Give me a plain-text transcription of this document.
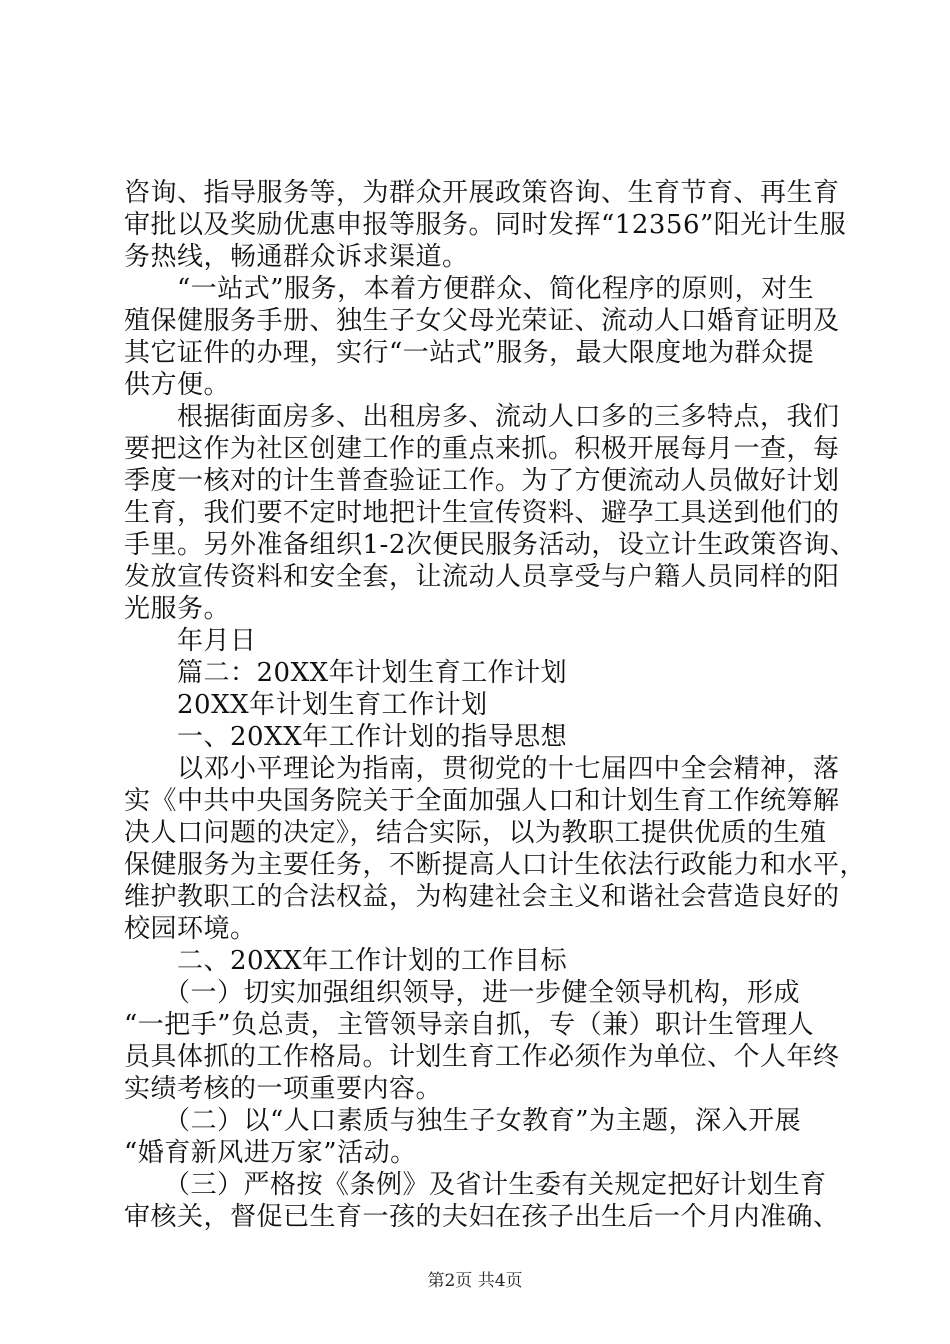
咨询、指导服务等，为群众开展政策咨询、生育节育、再生育
审批以及奖励优惠申报等服务。同时发挥“12356”阳光计生服
务热线，畅通群众诉求渠道。
　　“一站式”服务，本着方便群众、简化程序的原则，对生
殖保健服务手册、独生子女父母光荣证、流动人口婚育证明及
其它证件的办理，实行“一站式”服务，最大限度地为群众提
供方便。
　　根据街面房多、出租房多、流动人口多的三多特点，我们
要把这作为社区创建工作的重点来抓。积极开展每月一查，每
季度一核对的计生普查验证工作。为了方便流动人员做好计划
生育，我们要不定时地把计生宣传资料、避孕工具送到他们的
手里。另外准备组织1-2次便民服务活动，设立计生政策咨询、
发放宣传资料和安全套，让流动人员享受与户籍人员同样的阳
光服务。
　　年月日
　　篇二：20XX年计划生育工作计划
　　20XX年计划生育工作计划
　　一、20XX年工作计划的指导思想
　　以邓小平理论为指南，贯彻党的十七届四中全会精神，落
实《中共中央国务院关于全面加强人口和计划生育工作统筹解
决人口问题的决定》，结合实际，以为教职工提供优质的生殖
保健服务为主要任务，不断提高人口计生依法行政能力和水平，
维护教职工的合法权益，为构建社会主义和谐社会营造良好的
校园环境。
　　二、20XX年工作计划的工作目标
　　（一）切实加强组织领导，进一步健全领导机构，形成
“一把手”负总责，主管领导亲自抓，专（兼）职计生管理人
员具体抓的工作格局。计划生育工作必须作为单位、个人年终
实绩考核的一项重要内容。
　　（二）以“人口素质与独生子女教育”为主题，深入开展
“婚育新风进万家”活动。
　　（三）严格按《条例》及省计生委有关规定把好计划生育
审核关，督促已生育一孩的夫妇在孩子出生后一个月内准确、
第2页 共4页
